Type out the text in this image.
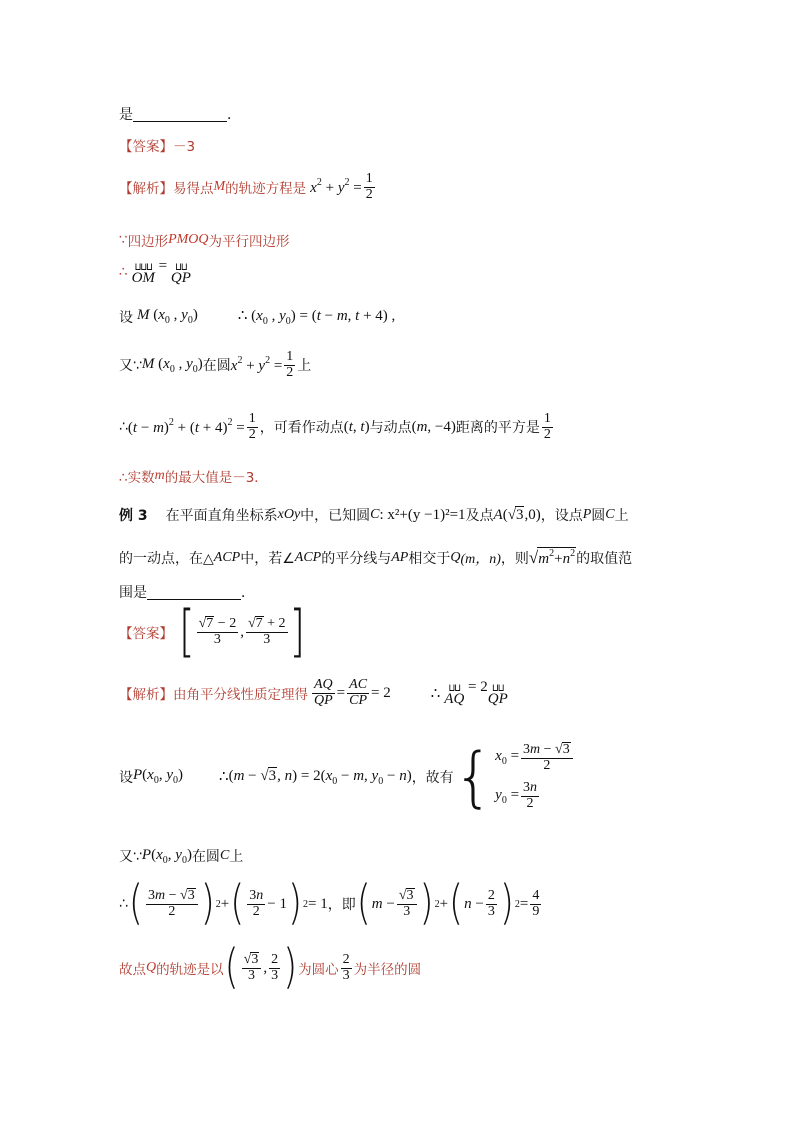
是	．
【答案】 －3
【解析】 易得点 M 的轨迹方程是 $x^2 + y^2 = \frac{1}{2}$
∵ 四边形 PMOQ 为平行四边形
∴ ⵡⵡⵡ
OM
= ⵡⵡ
QP
设 M ($x_0$ , $y_0$)	∴ ($x_0$ , $y_0) = (t - m$, t + 4) ,
又∵ M ($x_0$ , $y_0$) 在圆 $x^2 + y^2 = \frac{1}{2}$ 上
∴ $(t - m)^2 + (t + 4)^2 = \frac{1}{2}$ ，可看作动点 (t, t) 与动点 (m, −4) 距离的平方是 $\frac{1}{2}$
∴实数 m 的最大值是－3．
例 3 在平面直角坐标系 xOy 中，已知圆 C : x²+(y −1)²=1 及点 A(√3,0) ，设点 P 圆 C 上
的一动点，在△ ACP 中，若∠ ACP 的平分线与 AP 相交于 Q (m，n) ，则 $√m^2+n^2$ 的取值范
围是	．
【答案】 [ $\frac{√7 - 2}{3}$ , $\frac{√7 + 2}{3}$ ]
【解析】 由角平分线性质定理得 $\frac{AQ}{QP} = \frac{AC}{CP} = 2$	∴ ⵡⵡ
AQ
= 2 ⵡⵡ
QP
设 $P(x_0$, $y_0$) ∴ (m − √3, $n) = 2(x_0 - m$, $y_0 - n$) ，故有 { $x_0 = \frac{3m - √3}{2}$
$y_0 = \frac{3n}{2}$
又∵ $P(x_0$, $y_0$) 在圆 C 上
∴ ( $\frac{3m - √3}{2}$ ) 2 + ( $\frac{3n}{2} - 1$ ) 2 = 1 ，即 ( $m - \frac{√3}{3}$ ) 2 + ( $n - \frac{2}{3}$ ) $2 = \frac{4}{9}$
故点 Q 的轨迹是以 ( $\frac{√3}{3}$ , $\frac{2}{3}$ ) 为圆心 $\frac{2}{3}$ 为半径的圆
